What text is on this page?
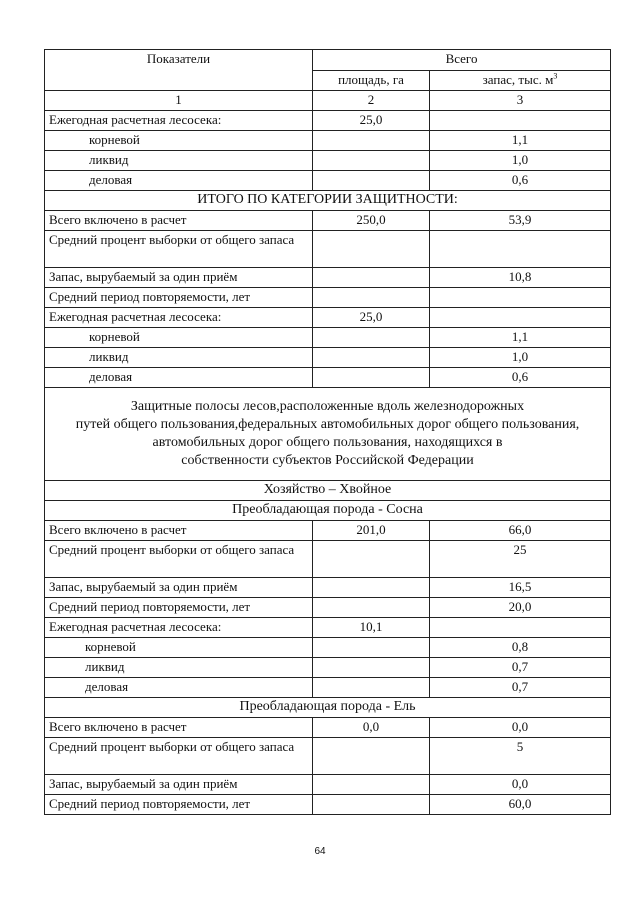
Показатели	Всего	
	площадь, га	запас, тыс. $м^3$
1	2	3
Ежегодная расчетная лесосека:	25,0	
корневой		1,1
ликвид		1,0
деловая		0,6
ИТОГО ПО КАТЕГОРИИ ЗАЩИТНОСТИ:		
Всего включено в расчет	250,0	53,9
Средний процент выборки от общего запаса		
Запас, вырубаемый за один приём		10,8
Средний период повторяемости, лет		
Ежегодная расчетная лесосека:	25,0	
корневой		1,1
ликвид		1,0
деловая		0,6

Защитные полосы лесов,расположенные вдоль железнодорожных
путей общего пользования,федеральных автомобильных дорог общего пользования,
автомобильных дорог общего пользования, находящихся в
собственности субъектов Российской Федерации		

Хозяйство – Хвойное		
Преобладающая порода - Сосна		
Всего включено в расчет	201,0	66,0
Средний процент выборки от общего запаса		25
Запас, вырубаемый за один приём		16,5
Средний период повторяемости, лет		20,0
Ежегодная расчетная лесосека:	10,1	
корневой		0,8
ликвид		0,7
деловая		0,7
Преобладающая порода - Ель		
Всего включено в расчет	0,0	0,0
Средний процент выборки от общего запаса		5
Запас, вырубаемый за один приём		0,0
Средний период повторяемости, лет		60,0
64
